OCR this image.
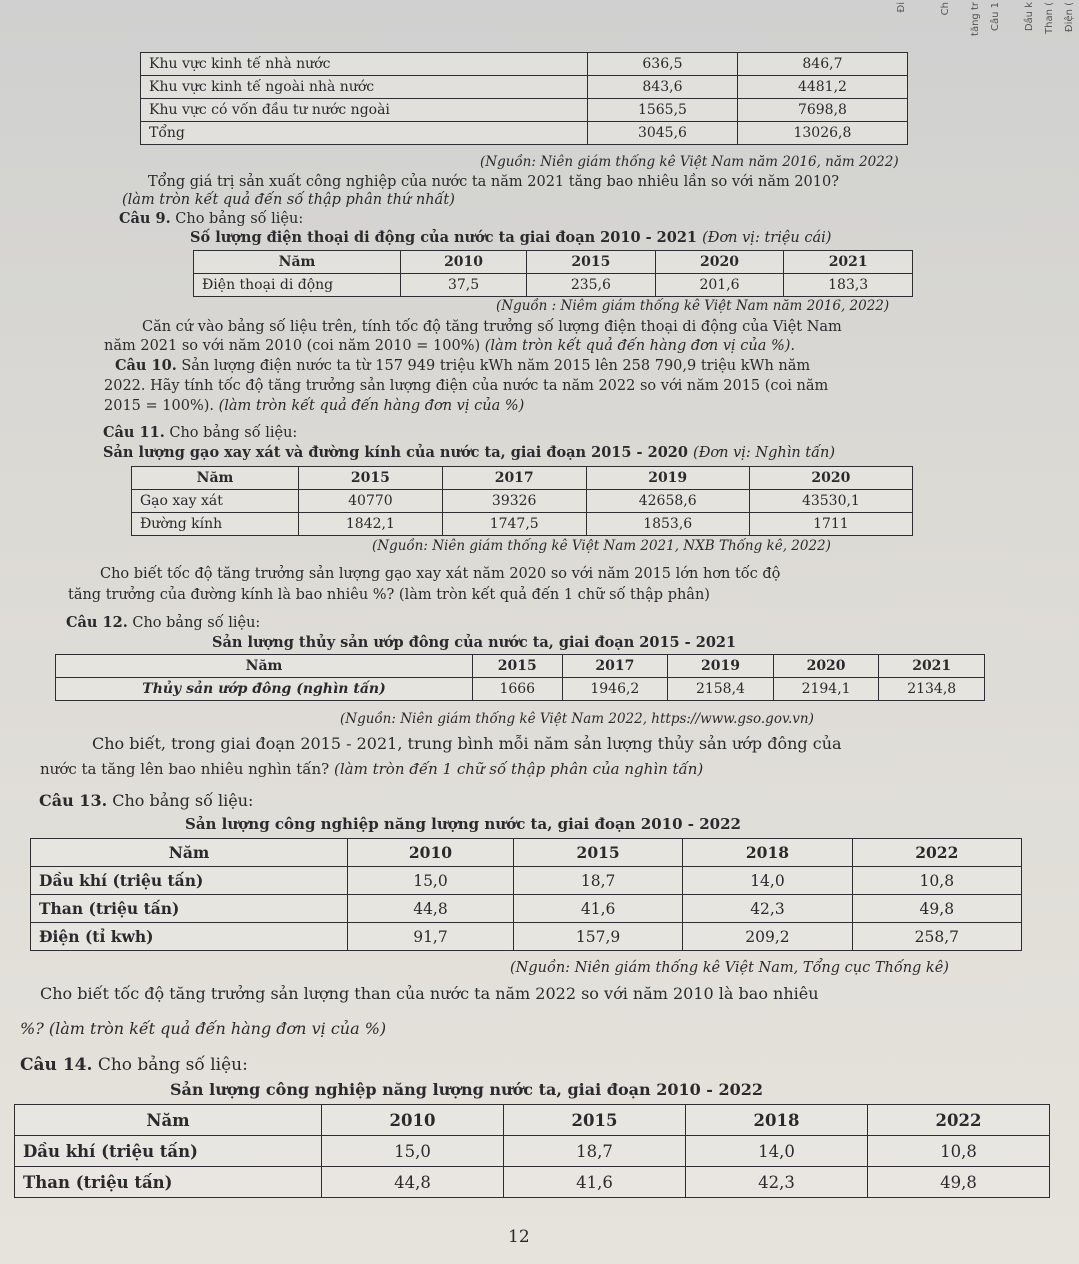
Đi	Ch tăng tr Câu 1 Dầu k Than ( Điện (
Khu vực kinh tế nhà nước	636,5	846,7
Khu vực kinh tế ngoài nhà nước	843,6	4481,2
Khu vực có vốn đầu tư nước ngoài	1565,5	7698,8
Tổng	3045,6	13026,8
(Nguồn: Niên giám thống kê Việt Nam năm 2016, năm 2022)
Tổng giá trị sản xuất công nghiệp của nước ta năm 2021 tăng bao nhiêu lần so với năm 2010?
(làm tròn kết quả đến số thập phân thứ nhất)
Câu 9. Cho bảng số liệu:
Số lượng điện thoại di động của nước ta giai đoạn 2010 - 2021 (Đơn vị: triệu cái)
Năm	2010	2015	2020	2021
Điện thoại di động	37,5	235,6	201,6	183,3
(Nguồn : Niêm giám thống kê Việt Nam năm 2016, 2022)
Căn cứ vào bảng số liệu trên, tính tốc độ tăng trưởng số lượng điện thoại di động của Việt Nam
năm 2021 so với năm 2010 (coi năm 2010 = 100%) (làm tròn kết quả đến hàng đơn vị của %).
Câu 10. Sản lượng điện nước ta từ 157 949 triệu kWh năm 2015 lên 258 790,9 triệu kWh năm
2022. Hãy tính tốc độ tăng trưởng sản lượng điện của nước ta năm 2022 so với năm 2015 (coi năm
2015 = 100%). (làm tròn kết quả đến hàng đơn vị của %)
Câu 11. Cho bảng số liệu:
Sản lượng gạo xay xát và đường kính của nước ta, giai đoạn 2015 - 2020 (Đơn vị: Nghìn tấn)
Năm	2015	2017	2019	2020
Gạo xay xát	40770	39326	42658,6	43530,1
Đường kính	1842,1	1747,5	1853,6	1711
(Nguồn: Niên giám thống kê Việt Nam 2021, NXB Thống kê, 2022)
Cho biết tốc độ tăng trưởng sản lượng gạo xay xát năm 2020 so với năm 2015 lớn hơn tốc độ
tăng trưởng của đường kính là bao nhiêu %? (làm tròn kết quả đến 1 chữ số thập phân)
Câu 12. Cho bảng số liệu:
Sản lượng thủy sản ướp đông của nước ta, giai đoạn 2015 - 2021
Năm	2015	2017	2019	2020	2021
Thủy sản ướp đông (nghìn tấn)	1666	1946,2	2158,4	2194,1	2134,8
(Nguồn: Niên giám thống kê Việt Nam 2022, https://www.gso.gov.vn)
Cho biết, trong giai đoạn 2015 - 2021, trung bình mỗi năm sản lượng thủy sản ướp đông của
nước ta tăng lên bao nhiêu nghìn tấn? (làm tròn đến 1 chữ số thập phân của nghìn tấn)
Câu 13. Cho bảng số liệu:
Sản lượng công nghiệp năng lượng nước ta, giai đoạn 2010 - 2022
Năm	2010	2015	2018	2022
Dầu khí (triệu tấn)	15,0	18,7	14,0	10,8
Than (triệu tấn)	44,8	41,6	42,3	49,8
Điện (tỉ kwh)	91,7	157,9	209,2	258,7
(Nguồn: Niên giám thống kê Việt Nam, Tổng cục Thống kê)
Cho biết tốc độ tăng trưởng sản lượng than của nước ta năm 2022 so với năm 2010 là bao nhiêu
%? (làm tròn kết quả đến hàng đơn vị của %)
Câu 14. Cho bảng số liệu:
Sản lượng công nghiệp năng lượng nước ta, giai đoạn 2010 - 2022
Năm	2010	2015	2018	2022
Dầu khí (triệu tấn)	15,0	18,7	14,0	10,8
Than (triệu tấn)	44,8	41,6	42,3	49,8
12
